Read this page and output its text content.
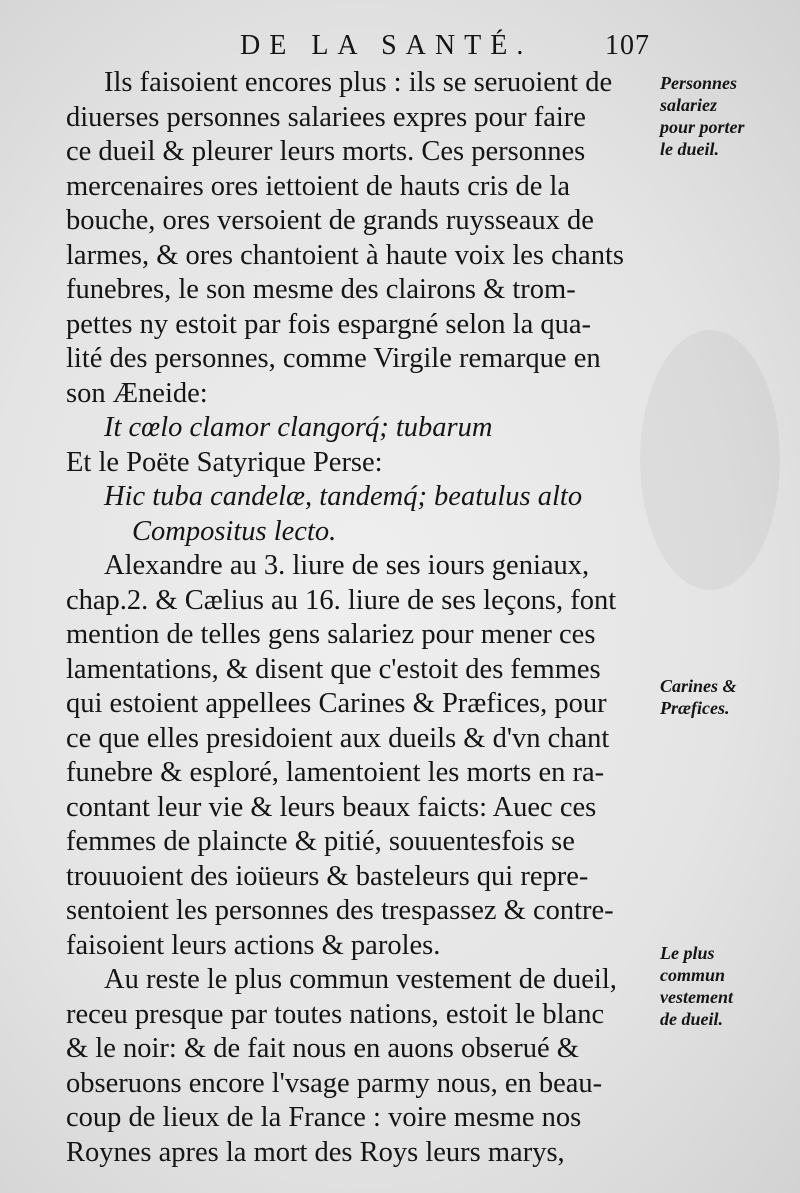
DE LA SANTÉ.	107
Ils faisoient encores plus : ils se seruoient de
diuerses personnes salariees expres pour faire
ce dueil & pleurer leurs morts. Ces personnes
mercenaires ores iettoient de hauts cris de la
bouche, ores versoient de grands ruysseaux de
larmes, & ores chantoient à haute voix les chants
funebres, le son mesme des clairons & trom-
pettes ny estoit par fois espargné selon la qua-
lité des personnes, comme Virgile remarque en
son Æneide:
It cœlo clamor clangorq́; tubarum
Et le Poëte Satyrique Perse:
Hic tuba candelæ, tandemq́; beatulus alto
Compositus lecto.
Alexandre au 3. liure de ses iours geniaux,
chap.2. & Cælius au 16. liure de ses leçons, font
mention de telles gens salariez pour mener ces
lamentations, & disent que c'estoit des femmes
qui estoient appellees Carines & Præfices, pour
ce que elles presidoient aux dueils & d'vn chant
funebre & esploré, lamentoient les morts en ra-
contant leur vie & leurs beaux faicts: Auec ces
femmes de plaincte & pitié, souuentesfois se
trouuoient des ioüeurs & basteleurs qui repre-
sentoient les personnes des trespassez & contre-
faisoient leurs actions & paroles.
Au reste le plus commun vestement de dueil,
receu presque par toutes nations, estoit le blanc
& le noir: & de fait nous en auons obserué &
obseruons encore l'vsage parmy nous, en beau-
coup de lieux de la France : voire mesme nos
Roynes apres la mort des Roys leurs marys,
Personnes
salariez
pour porter
le dueil.
Carines &
Præfices.
Le plus
commun
vestement
de dueil.
